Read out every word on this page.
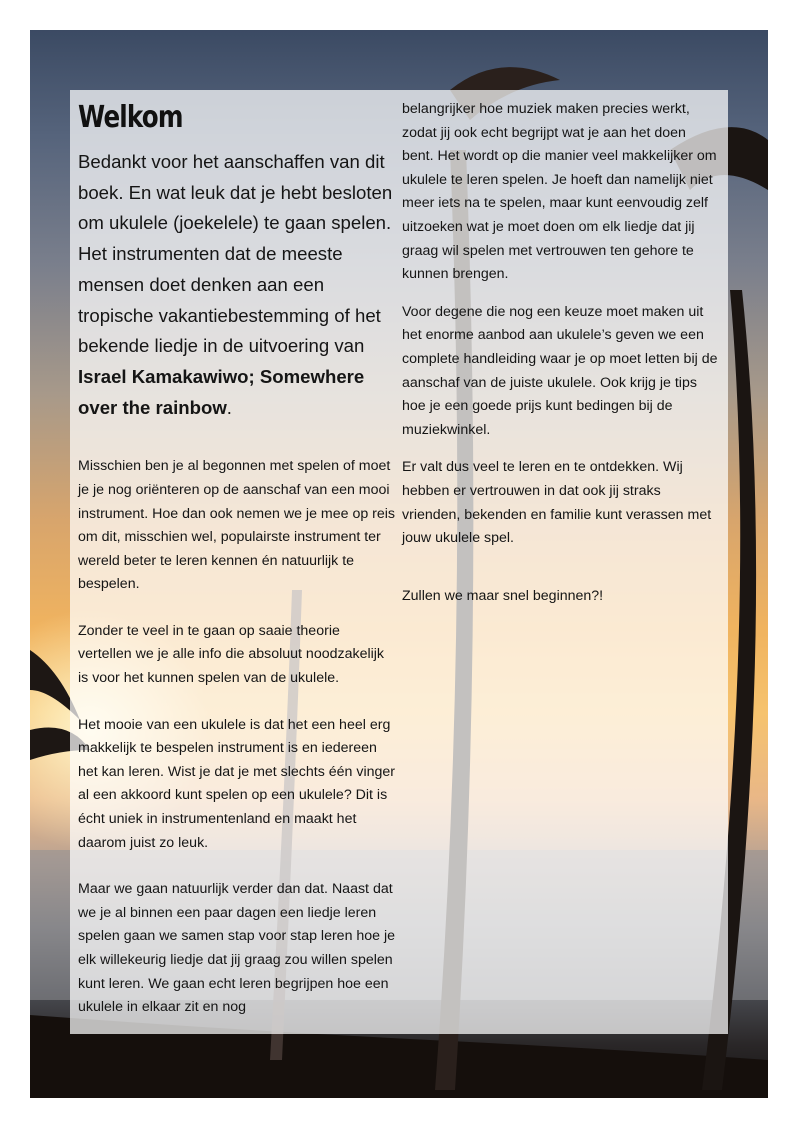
Welkom

Bedankt voor het aanschaffen van dit boek. En wat leuk dat je hebt besloten om ukulele (joekelele) te gaan spelen. Het instrumenten dat de meeste mensen doet denken aan een tropische vakantiebestemming of het bekende liedje in de uitvoering van Israel Kamakawiwo; Somewhere over the rainbow.

Misschien ben je al begonnen met spelen of moet je je nog oriënteren op de aanschaf van een mooi instrument. Hoe dan ook nemen we je mee op reis om dit, misschien wel, populairste instrument ter wereld beter te leren kennen én natuurlijk te bespelen.

Zonder te veel in te gaan op saaie theorie vertellen we je alle info die absoluut noodzakelijk is voor het kunnen spelen van de ukulele.

Het mooie van een ukulele is dat het een heel erg makkelijk te bespelen instrument is en iedereen het kan leren. Wist je dat je met slechts één vinger al een akkoord kunt spelen op een ukulele? Dit is écht uniek in instrumentenland en maakt het daarom juist zo leuk.

Maar we gaan natuurlijk verder dan dat. Naast dat we je al binnen een paar dagen een liedje leren spelen gaan we samen stap voor stap leren hoe je elk willekeurig liedje dat jij graag zou willen spelen kunt leren. We gaan echt leren begrijpen hoe een ukulele in elkaar zit en nog

belangrijker hoe muziek maken precies werkt, zodat jij ook echt begrijpt wat je aan het doen bent. Het wordt op die manier veel makkelijker om ukulele te leren spelen. Je hoeft dan namelijk niet meer iets na te spelen, maar kunt eenvoudig zelf uitzoeken wat je moet doen om elk liedje dat jij graag wil spelen met vertrouwen ten gehore te kunnen brengen.

Voor degene die nog een keuze moet maken uit het enorme aanbod aan ukulele’s geven we een complete handleiding waar je op moet letten bij de aanschaf van de juiste ukulele. Ook krijg je tips hoe je een goede prijs kunt bedingen bij de muziekwinkel.

Er valt dus veel te leren en te ontdekken. Wij hebben er vertrouwen in dat ook jij straks vrienden, bekenden en familie kunt verassen met jouw ukulele spel.

Zullen we maar snel beginnen?!
